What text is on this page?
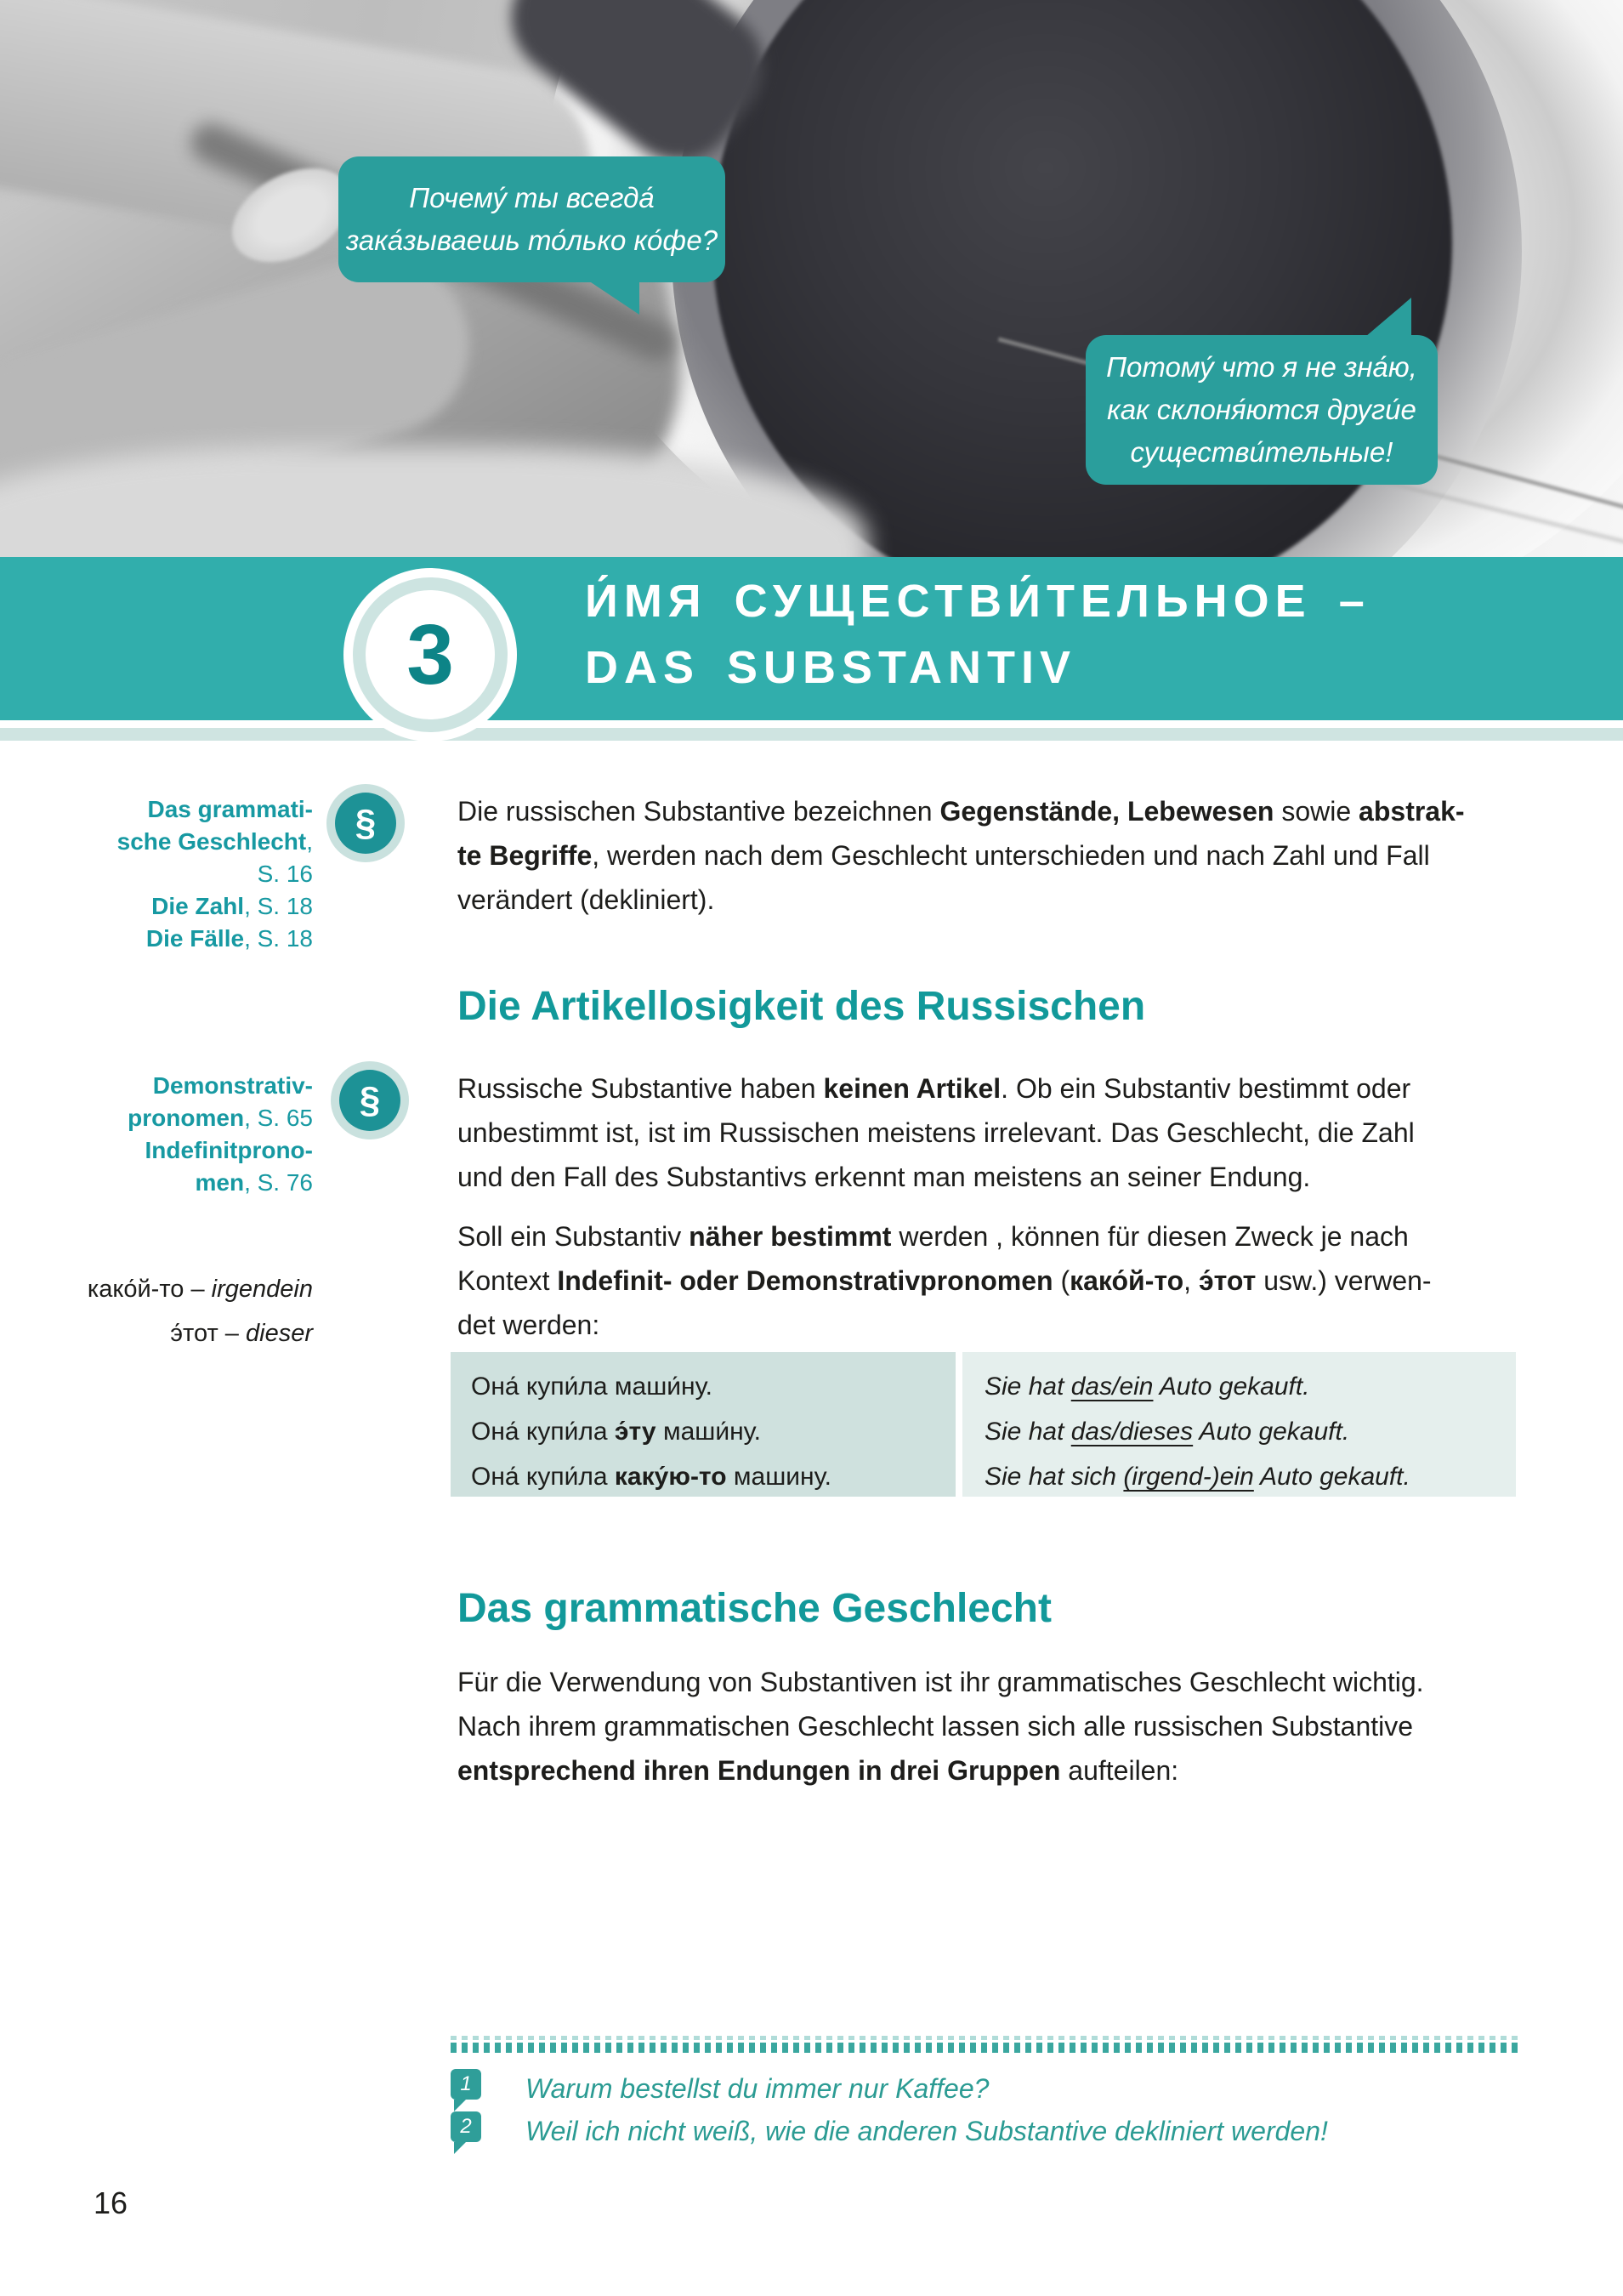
Почему́ ты всегда́
зака́зываешь то́лько ко́фе?
Потому́ что я не зна́ю,
как склоня́ются други́е
существи́тельные!
И́МЯ СУЩЕСТВИ́ТЕЛЬНОЕ –
DAS SUBSTANTIV
3
Das grammati-
sche Geschlecht,
S. 16
Die Zahl, S. 18
Die Fälle, S. 18
§
Demonstrativ-
pronomen, S. 65
Indefinitprono-
men, S. 76
§
како́й-то – irgendein
э́тот – dieser
Die russischen Substantive bezeichnen Gegenstände, Lebewesen sowie abstrak-
te Begriffe, werden nach dem Geschlecht unterschieden und nach Zahl und Fall
verändert (dekliniert).
Die Artikellosigkeit des Russischen
Russische Substantive haben keinen Artikel. Ob ein Substantiv bestimmt oder
unbestimmt ist, ist im Russischen meistens irrelevant. Das Geschlecht, die Zahl
und den Fall des Substantivs erkennt man meistens an seiner Endung.
Soll ein Substantiv näher bestimmt werden , können für diesen Zweck je nach
Kontext Indefinit- oder Demonstrativpronomen (како́й-то, э́тот usw.) verwen-
det werden:
Она́ купи́ла маши́ну.
Она́ купи́ла э́ту маши́ну.
Она́ купи́ла каку́ю-то машину.
Sie hat das/ein Auto gekauft.
Sie hat das/dieses Auto gekauft.
Sie hat sich (irgend-)ein Auto gekauft.
Das grammatische Geschlecht
Für die Verwendung von Substantiven ist ihr grammatisches Geschlecht wichtig.
Nach ihrem grammatischen Geschlecht lassen sich alle russischen Substantive
entsprechend ihren Endungen in drei Gruppen aufteilen:
1	Warum bestellst du immer nur Kaffee?
2	Weil ich nicht weiß, wie die anderen Substantive dekliniert werden!
16
